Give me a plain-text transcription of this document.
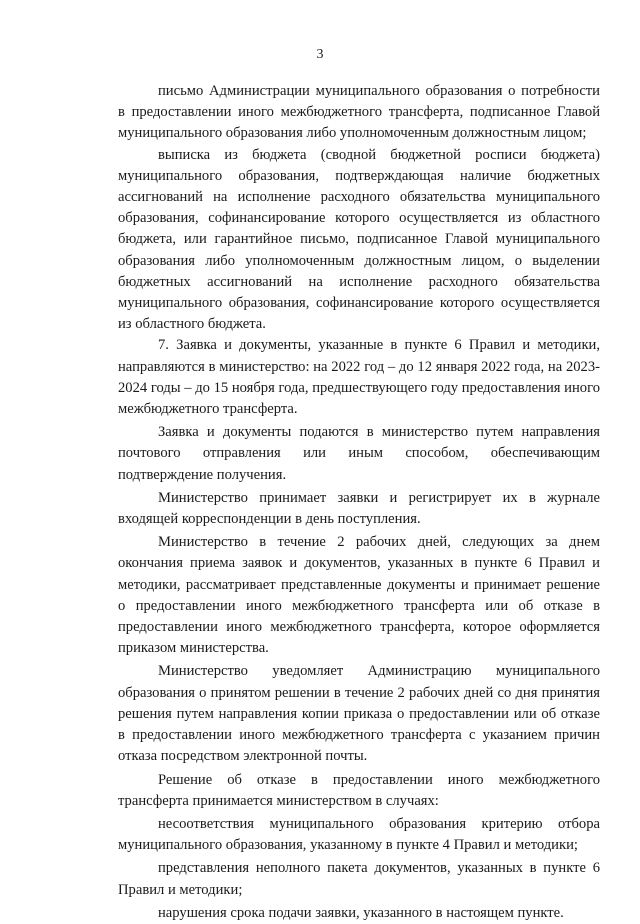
3

письмо Администрации муниципального образования о потребности в предоставлении иного межбюджетного трансферта, подписанное Главой муниципального образования либо уполномоченным должностным лицом;

выписка из бюджета (сводной бюджетной росписи бюджета) муниципального образования, подтверждающая наличие бюджетных ассигнований на исполнение расходного обязательства муниципального образования, софинансирование которого осуществляется из областного бюджета, или гарантийное письмо, подписанное Главой муниципального образования либо уполномоченным должностным лицом, о выделении бюджетных ассигнований на исполнение расходного обязательства муниципального образования, софинансирование которого осуществляется из областного бюджета.

7. Заявка и документы, указанные в пункте 6 Правил и методики, направляются в министерство: на 2022 год – до 12 января 2022 года, на 2023-2024 годы – до 15 ноября года, предшествующего году предоставления иного межбюджетного трансферта.

Заявка и документы подаются в министерство путем направления почтового отправления или иным способом, обеспечивающим подтверждение получения.

Министерство принимает заявки и регистрирует их в журнале входящей корреспонденции в день поступления.

Министерство в течение 2 рабочих дней, следующих за днем окончания приема заявок и документов, указанных в пункте 6 Правил и методики, рассматривает представленные документы и принимает решение о предоставлении иного межбюджетного трансферта или об отказе в предоставлении иного межбюджетного трансферта, которое оформляется приказом министерства.

Министерство уведомляет Администрацию муниципального образования о принятом решении в течение 2 рабочих дней со дня принятия решения путем направления копии приказа о предоставлении или об отказе в предоставлении иного межбюджетного трансферта с указанием причин отказа посредством электронной почты.

Решение об отказе в предоставлении иного межбюджетного трансферта принимается министерством в случаях:

несоответствия муниципального образования критерию отбора муниципального образования, указанному в пункте 4 Правил и методики;

представления неполного пакета документов, указанных в пункте 6 Правил и методики;

нарушения срока подачи заявки, указанного в настоящем пункте.
